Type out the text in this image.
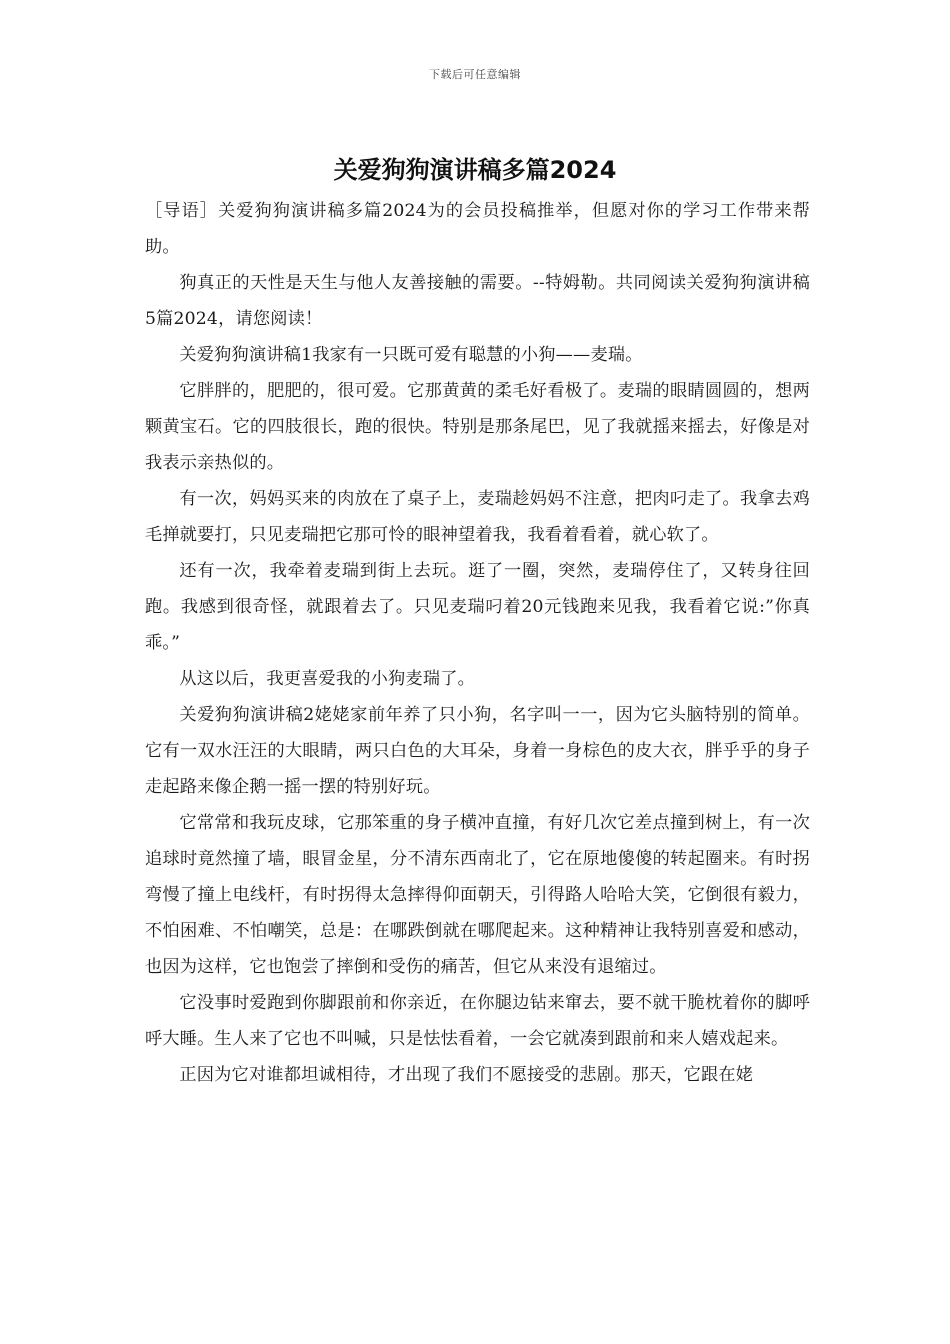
下载后可任意编辑
关爱狗狗演讲稿多篇2024

［导语］关爱狗狗演讲稿多篇2024为的会员投稿推举，但愿对你的学习工作带来帮助。

狗真正的天性是天生与他人友善接触的需要。--特姆勒。共同阅读关爱狗狗演讲稿5篇2024，请您阅读！

关爱狗狗演讲稿1我家有一只既可爱有聪慧的小狗——麦瑞。

它胖胖的，肥肥的，很可爱。它那黄黄的柔毛好看极了。麦瑞的眼睛圆圆的，想两颗黄宝石。它的四肢很长，跑的很快。特别是那条尾巴，见了我就摇来摇去，好像是对我表示亲热似的。

有一次，妈妈买来的肉放在了桌子上，麦瑞趁妈妈不注意，把肉叼走了。我拿去鸡毛掸就要打，只见麦瑞把它那可怜的眼神望着我，我看着看着，就心软了。

还有一次，我牵着麦瑞到街上去玩。逛了一圈，突然，麦瑞停住了，又转身往回跑。我感到很奇怪，就跟着去了。只见麦瑞叼着20元钱跑来见我，我看着它说:”你真乖。”

从这以后，我更喜爱我的小狗麦瑞了。

关爱狗狗演讲稿2姥姥家前年养了只小狗，名字叫一一，因为它头脑特别的简单。它有一双水汪汪的大眼睛，两只白色的大耳朵，身着一身棕色的皮大衣，胖乎乎的身子走起路来像企鹅一摇一摆的特别好玩。

它常常和我玩皮球，它那笨重的身子横冲直撞，有好几次它差点撞到树上，有一次追球时竟然撞了墙，眼冒金星，分不清东西南北了，它在原地傻傻的转起圈来。有时拐弯慢了撞上电线杆，有时拐得太急摔得仰面朝天，引得路人哈哈大笑，它倒很有毅力，不怕困难、不怕嘲笑，总是：在哪跌倒就在哪爬起来。这种精神让我特别喜爱和感动，也因为这样，它也饱尝了摔倒和受伤的痛苦，但它从来没有退缩过。

它没事时爱跑到你脚跟前和你亲近，在你腿边钻来窜去，要不就干脆枕着你的脚呼呼大睡。生人来了它也不叫喊，只是怯怯看着，一会它就凑到跟前和来人嬉戏起来。

正因为它对谁都坦诚相待，才出现了我们不愿接受的悲剧。那天，它跟在姥
